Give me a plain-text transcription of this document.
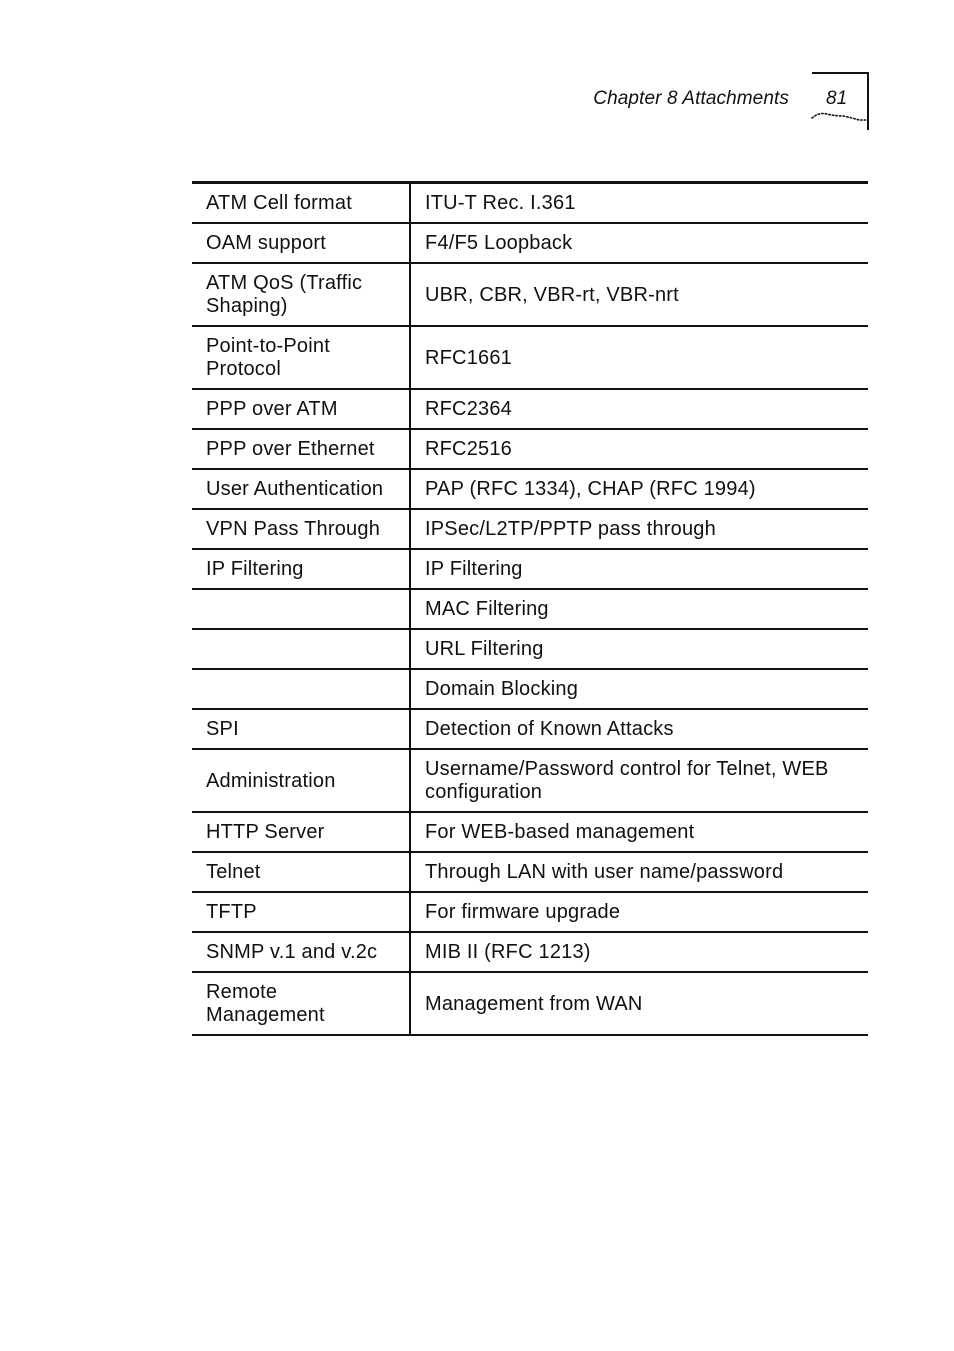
Chapter 8 Attachments 81
ATM Cell format	ITU-T Rec. I.361
OAM support	F4/F5 Loopback
ATM QoS (Traffic Shaping)	UBR, CBR, VBR-rt, VBR-nrt
Point-to-Point Protocol	RFC1661
PPP over ATM	RFC2364
PPP over Ethernet	RFC2516
User Authentication	PAP (RFC 1334), CHAP (RFC 1994)
VPN Pass Through	IPSec/L2TP/PPTP pass through
IP Filtering	IP Filtering
	MAC Filtering
	URL Filtering
	Domain Blocking
SPI	Detection of Known Attacks
Administration	Username/Password control for Telnet, WEB configuration
HTTP Server	For WEB-based management
Telnet	Through LAN with user name/password
TFTP	For firmware upgrade
SNMP v.1 and v.2c	MIB II (RFC 1213)
Remote Management	Management from WAN
